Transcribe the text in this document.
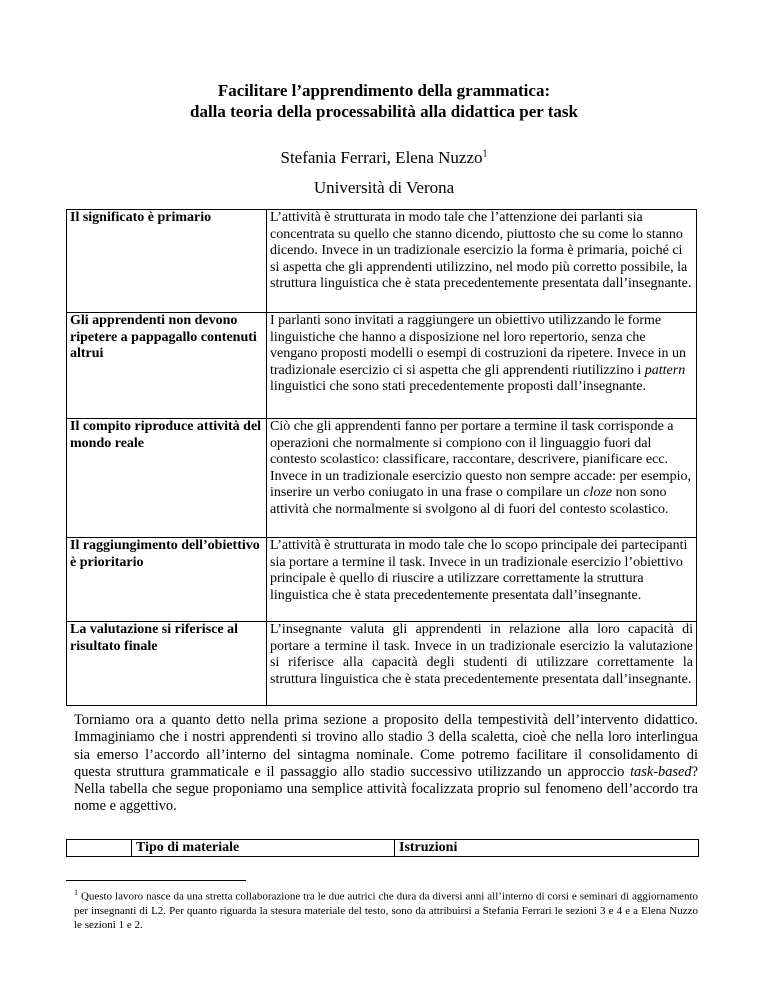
Facilitare l’apprendimento della grammatica:
dalla teoria della processabilità alla didattica per task
Stefania Ferrari, Elena Nuzzo$^1$
Università di Verona
Il significato è primario	L’attività è strutturata in modo tale che l’attenzione dei parlanti sia concentrata su quello che stanno dicendo, piuttosto che su come lo stanno dicendo. Invece in un tradizionale esercizio la forma è primaria, poiché ci si aspetta che gli apprendenti utilizzino, nel modo più corretto possibile, la struttura linguistica che è stata precedentemente presentata dall’insegnante.
Gli apprendenti non devono ripetere a pappagallo contenuti altrui	I parlanti sono invitati a raggiungere un obiettivo utilizzando le forme linguistiche che hanno a disposizione nel loro repertorio, senza che vengano proposti modelli o esempi di costruzioni da ripetere. Invece in un tradizionale esercizio ci si aspetta che gli apprendenti riutilizzino i pattern linguistici che sono stati precedentemente proposti dall’insegnante.
Il compito riproduce attività del mondo reale	Ciò che gli apprendenti fanno per portare a termine il task corrisponde a operazioni che normalmente si compiono con il linguaggio fuori dal contesto scolastico: classificare, raccontare, descrivere, pianificare ecc. Invece in un tradizionale esercizio questo non sempre accade: per esempio, inserire un verbo coniugato in una frase o compilare un cloze non sono attività che normalmente si svolgono al di fuori del contesto scolastico.
Il raggiungimento dell’obiettivo è prioritario	L’attività è strutturata in modo tale che lo scopo principale dei partecipanti sia portare a termine il task. Invece in un tradizionale esercizio l’obiettivo principale è quello di riuscire a utilizzare correttamente la struttura linguistica che è stata precedentemente presentata dall’insegnante.
La valutazione si riferisce al risultato finale	L’insegnante valuta gli apprendenti in relazione alla loro capacità di portare a termine il task. Invece in un tradizionale esercizio la valutazione si riferisce alla capacità degli studenti di utilizzare correttamente la struttura linguistica che è stata precedentemente presentata dall’insegnante.
Torniamo ora a quanto detto nella prima sezione a proposito della tempestività dell’intervento didattico. Immaginiamo che i nostri apprendenti si trovino allo stadio 3 della scaletta, cioè che nella loro interlingua sia emerso l’accordo all’interno del sintagma nominale. Come potremo facilitare il consolidamento di questa struttura grammaticale e il passaggio allo stadio successivo utilizzando un approccio task-based? Nella tabella che segue proponiamo una semplice attività focalizzata proprio sul fenomeno dell’accordo tra nome e aggettivo.
	Tipo di materiale	Istruzioni
$^1$ Questo lavoro nasce da una stretta collaborazione tra le due autrici che dura da diversi anni all’interno di corsi e seminari di aggiornamento per insegnanti di L2. Per quanto riguarda la stesura materiale del testo, sono da attribuirsi a Stefania Ferrari le sezioni 3 e 4 e a Elena Nuzzo le sezioni 1 e 2.
